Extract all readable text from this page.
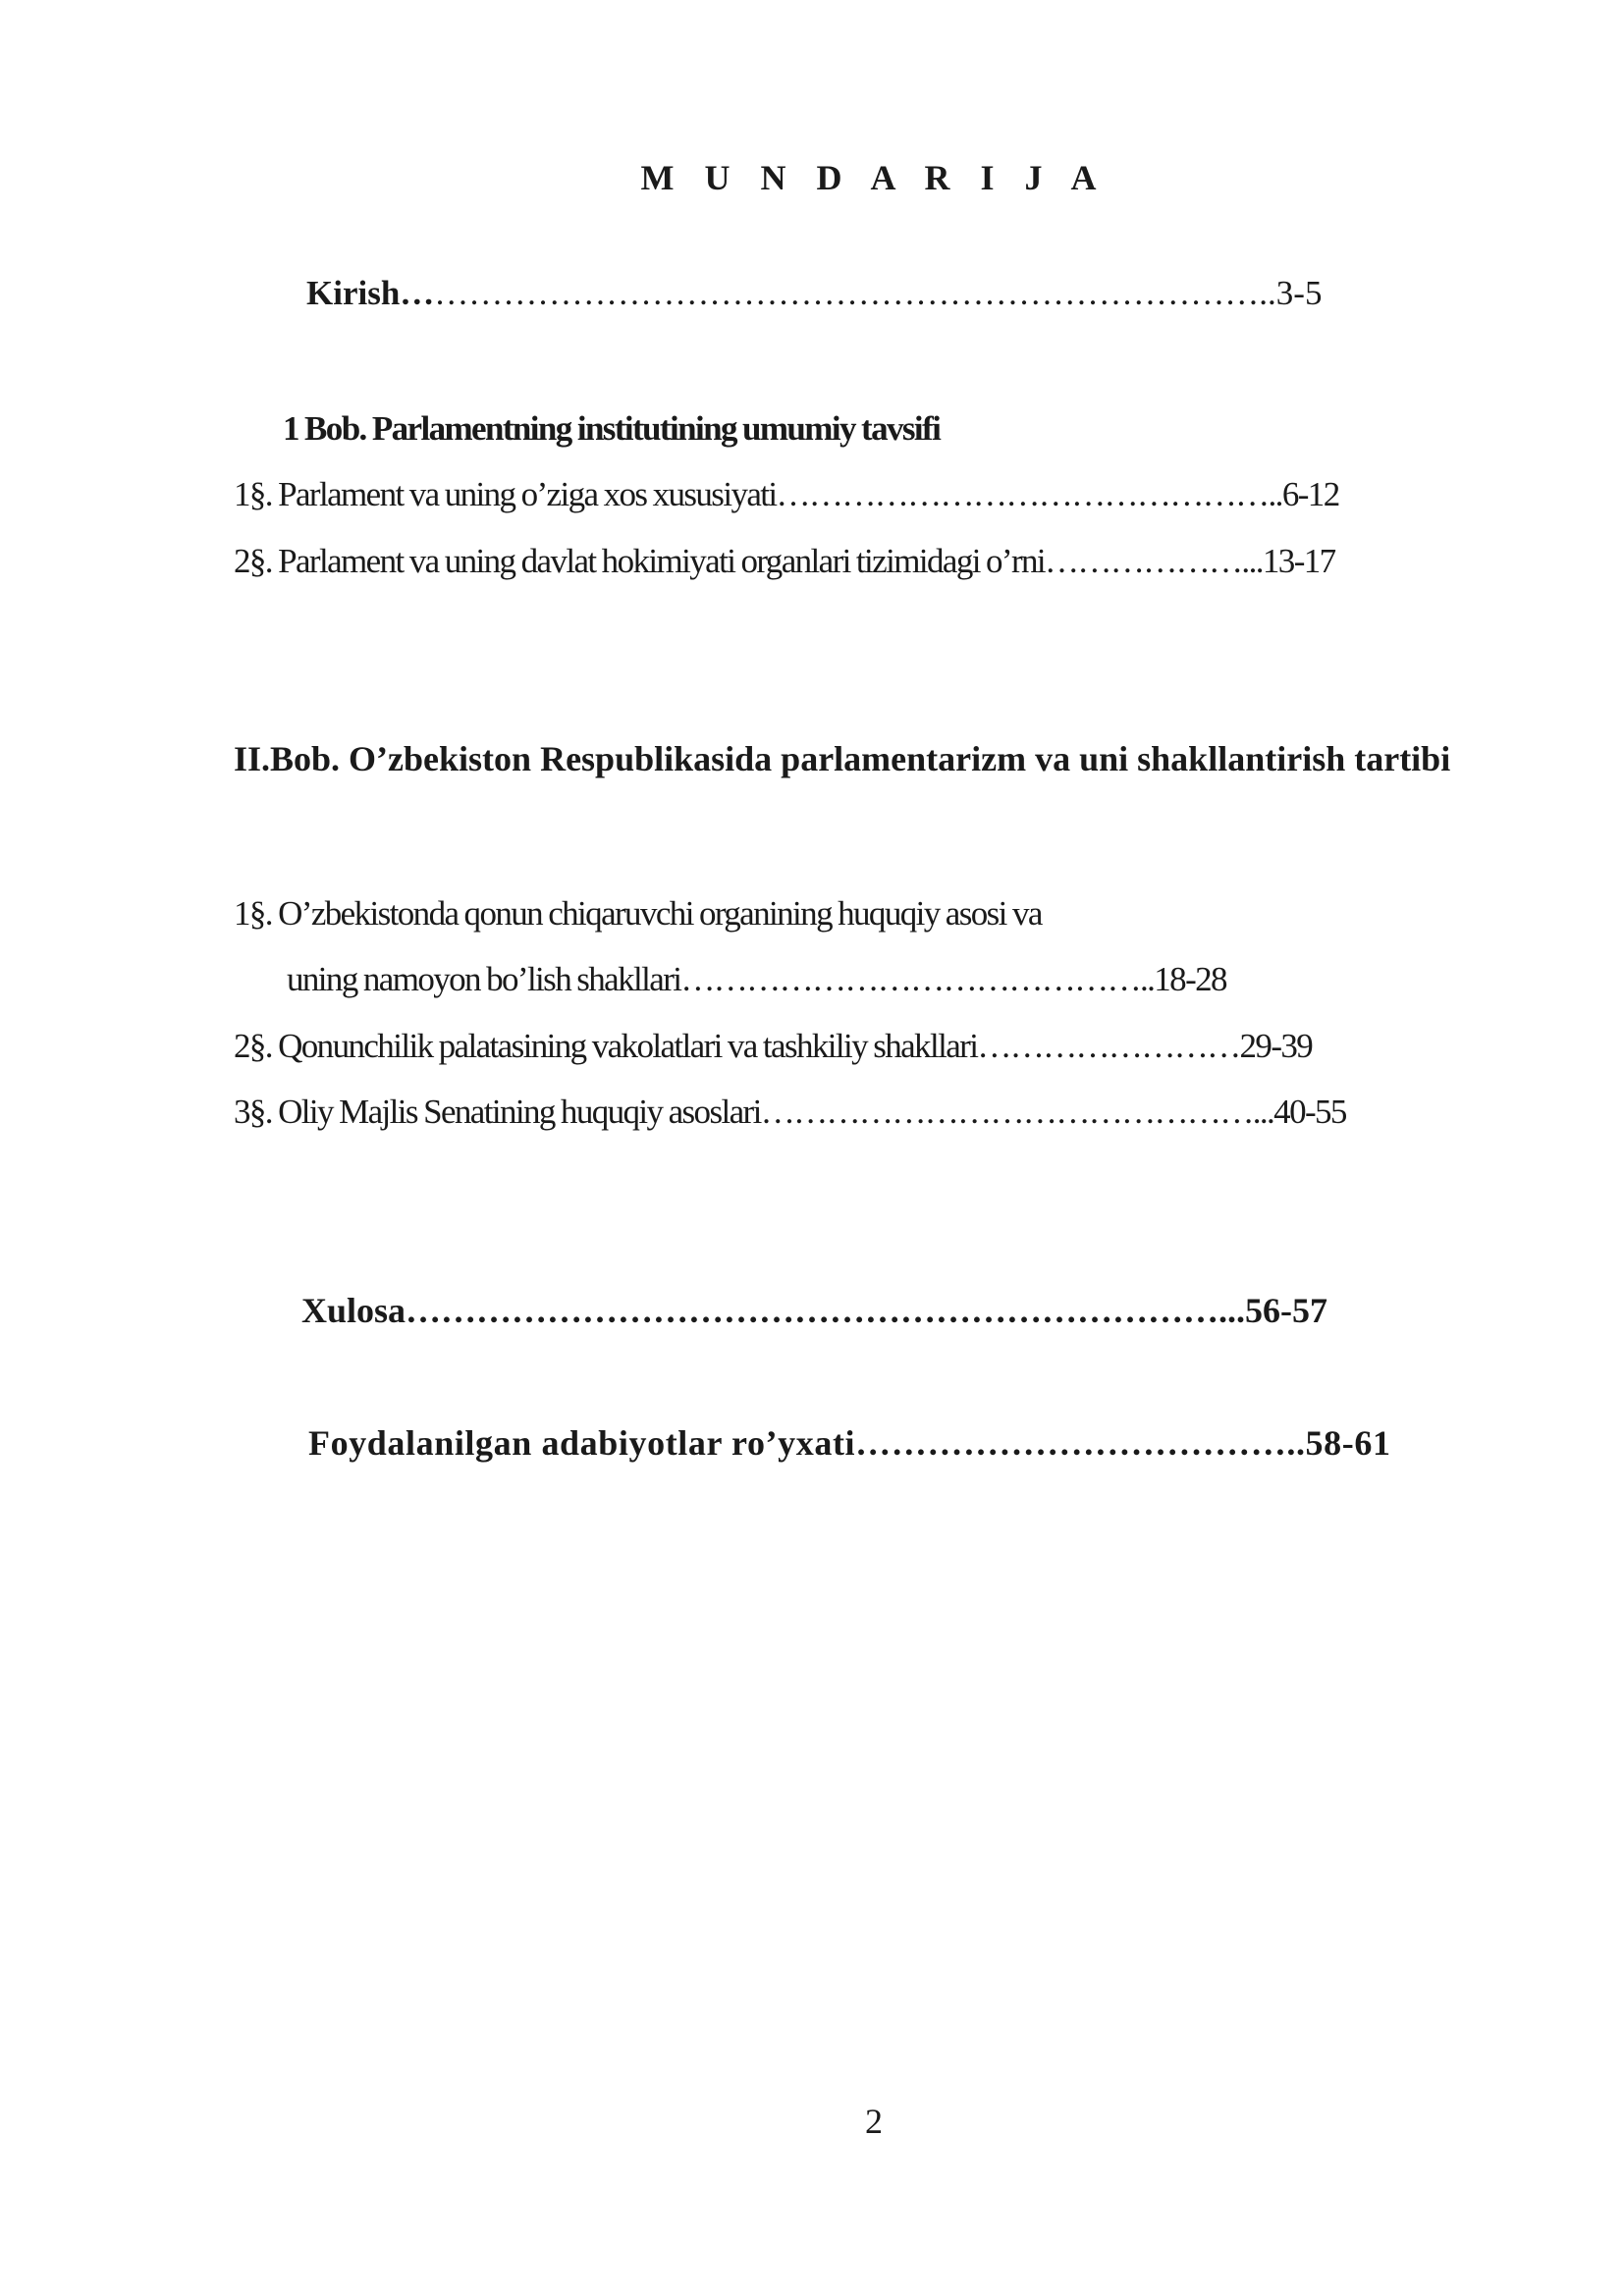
M U N D A R I J A
Kirish…………………………………………………………………..3-5
1 Bob. Parlamentning institutining umumiy tavsifi
1§. Parlament va uning o’ziga xos xususiyati………………………………………..6-12
2§. Parlament va uning davlat hokimiyati organlari tizimidagi o’rni………………...13-17
II.Bob. O’zbekiston Respublikasida parlamentarizm va uni shakllantirish tartibi
1§. O’zbekistonda qonun chiqaruvchi organining huquqiy asosi va
uning namoyon bo’lish shakllari……………………………………..18-28
2§. Qonunchilik palatasining vakolatlari va tashkiliy shakllari……………………29-39
3§. Oliy Majlis Senatining huquqiy asoslari………………………………………...40-55
Xulosa……………………………………………………………...56-57
Foydalanilgan adabiyotlar ro’yxati………………………………..58-61
2
